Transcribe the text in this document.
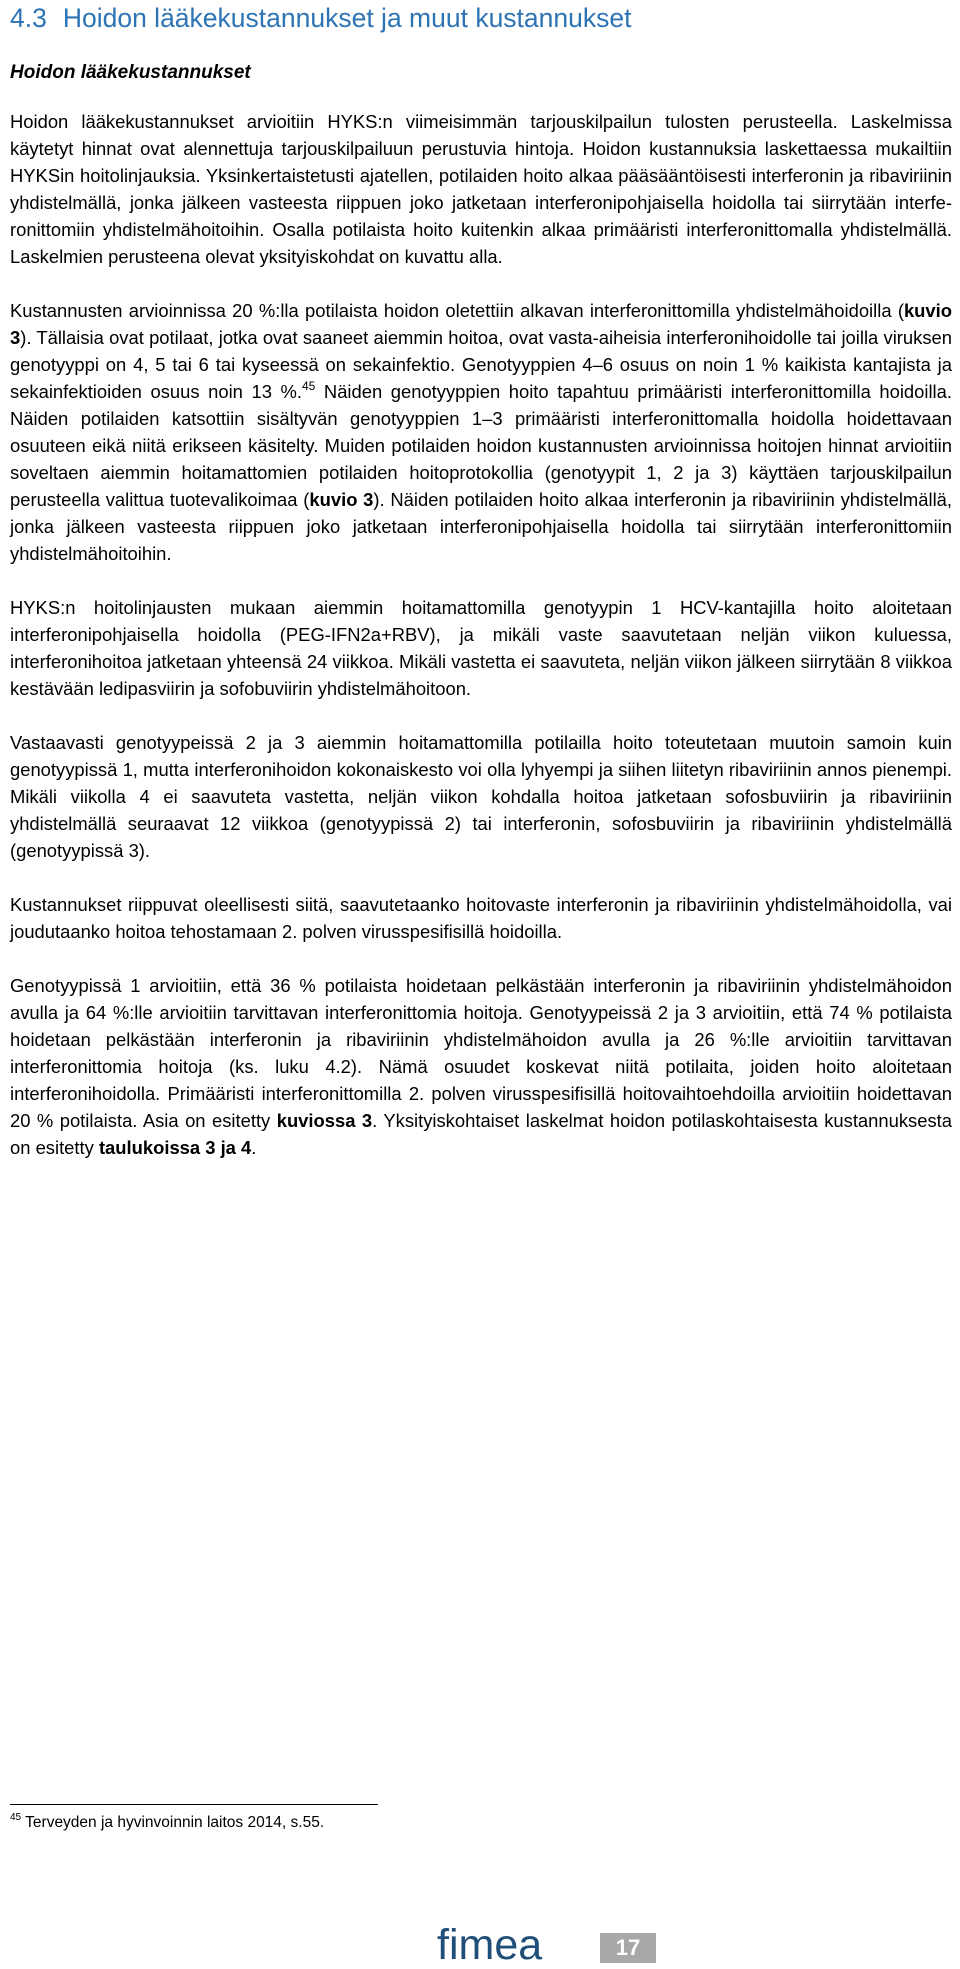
4.3 Hoidon lääkekustannukset ja muut kustannukset
Hoidon lääkekustannukset

Hoidon lääkekustannukset arvioitiin HYKS:n viimeisimmän tarjouskilpailun tulosten perusteella. Laskelmissa käytetyt hinnat ovat alennettuja tarjouskilpailuun perustuvia hintoja. Hoidon kustannuksia laskettaessa mukailtiin HYKSin hoitolinjauksia. Yksinkertaistetusti ajatellen, potilaiden hoito alkaa pääsääntöisesti interferonin ja ribaviriinin yhdistelmällä, jonka jälkeen vasteesta riippuen joko jatketaan interferonipohjaisella hoidolla tai siirrytään interferonittomiin yhdistelmähoitoihin. Osalla potilaista hoito kuitenkin alkaa primääristi interferonittomalla yhdistelmällä. Laskelmien perusteena olevat yksityiskohdat on kuvattu alla.

Kustannusten arvioinnissa 20 %:lla potilaista hoidon oletettiin alkavan interferonittomilla yhdistelmähoidoilla (kuvio 3). Tällaisia ovat potilaat, jotka ovat saaneet aiemmin hoitoa, ovat vasta-aiheisia interferonihoidolle tai joilla viruksen genotyyppi on 4, 5 tai 6 tai kyseessä on sekainfektio. Genotyyppien 4–6 osuus on noin 1 % kaikista kantajista ja sekainfektioiden osuus noin 13 %.$^{45}$ Näiden genotyyppien hoito tapahtuu primääristi interferonittomilla hoidoilla. Näiden potilaiden katsottiin sisältyvän genotyyppien 1–3 primääristi interferonittomalla hoidolla hoidettavaan osuuteen eikä niitä erikseen käsitelty. Muiden potilaiden hoidon kustannusten arvioinnissa hoitojen hinnat arvioitiin soveltaen aiemmin hoitamattomien potilaiden hoitoprotokollia (genotyypit 1, 2 ja 3) käyttäen tarjouskilpailun perusteella valittua tuotevalikoimaa (kuvio 3). Näiden potilaiden hoito alkaa interferonin ja ribaviriinin yhdistelmällä, jonka jälkeen vasteesta riippuen joko jatketaan interferonipohjaisella hoidolla tai siirrytään interferonittomiin yhdistelmähoitoihin.

HYKS:n hoitolinjausten mukaan aiemmin hoitamattomilla genotyypin 1 HCV-kantajilla hoito aloitetaan interferonipohjaisella hoidolla (PEG-IFN2a+RBV), ja mikäli vaste saavutetaan neljän viikon kuluessa, interferonihoitoa jatketaan yhteensä 24 viikkoa. Mikäli vastetta ei saavuteta, neljän viikon jälkeen siirrytään 8 viikkoa kestävään ledipasviirin ja sofobuviirin yhdistelmähoitoon.

Vastaavasti genotyypeissä 2 ja 3 aiemmin hoitamattomilla potilailla hoito toteutetaan muutoin samoin kuin genotyypissä 1, mutta interferonihoidon kokonaiskesto voi olla lyhyempi ja siihen liitetyn ribaviriinin annos pienempi. Mikäli viikolla 4 ei saavuteta vastetta, neljän viikon kohdalla hoitoa jatketaan sofosbuviirin ja ribaviriinin yhdistelmällä seuraavat 12 viikkoa (genotyypissä 2) tai interferonin, sofosbuviirin ja ribaviriinin yhdistelmällä (genotyypissä 3).

Kustannukset riippuvat oleellisesti siitä, saavutetaanko hoitovaste interferonin ja ribaviriinin yhdistelmähoidolla, vai joudutaanko hoitoa tehostamaan 2. polven virusspesifisillä hoidoilla.

Genotyypissä 1 arvioitiin, että 36 % potilaista hoidetaan pelkästään interferonin ja ribaviriinin yhdistelmähoidon avulla ja 64 %:lle arvioitiin tarvittavan interferonittomia hoitoja. Genotyypeissä 2 ja 3 arvioitiin, että 74 % potilaista hoidetaan pelkästään interferonin ja ribaviriinin yhdistelmähoidon avulla ja 26 %:lle arvioitiin tarvittavan interferonittomia hoitoja (ks. luku 4.2). Nämä osuudet koskevat niitä potilaita, joiden hoito aloitetaan interferonihoidolla. Primääristi interferonittomilla 2. polven virusspesifisillä hoitovaihtoehdoilla arvioitiin hoidettavan 20 % potilaista. Asia on esitetty kuviossa 3. Yksityiskohtaiset laskelmat hoidon potilaskohtaisesta kustannuksesta on esitetty taulukoissa 3 ja 4.

$^{45}$ Terveyden ja hyvinvoinnin laitos 2014, s.55.
fimea	17
